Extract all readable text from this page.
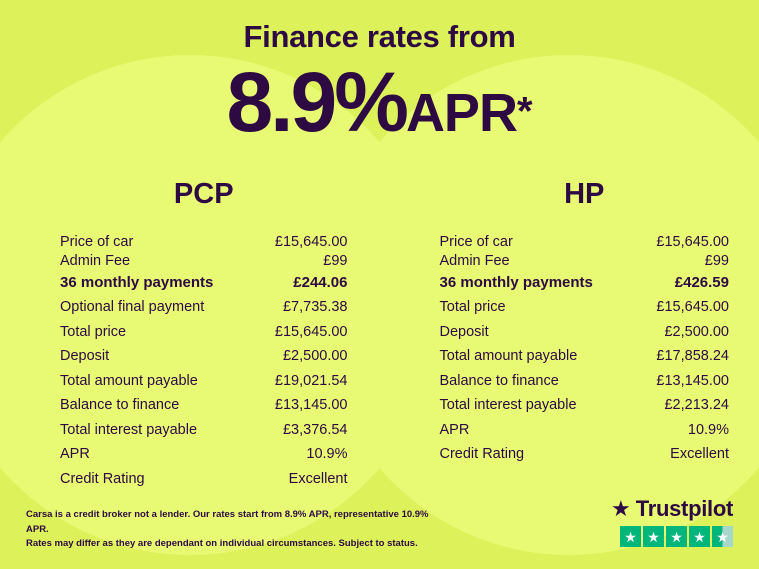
Finance rates from
8.9%APR*
PCP
Price of car	£15,645.00
Admin Fee	£99
36 monthly payments	£244.06
Optional final payment	£7,735.38
Total price	£15,645.00
Deposit	£2,500.00
Total amount payable	£19,021.54
Balance to finance	£13,145.00
Total interest payable	£3,376.54
APR	10.9%
Credit Rating	Excellent
HP
Price of car	£15,645.00
Admin Fee	£99
36 monthly payments	£426.59
Total price	£15,645.00
Deposit	£2,500.00
Total amount payable	£17,858.24
Balance to finance	£13,145.00
Total interest payable	£2,213.24
APR	10.9%
Credit Rating	Excellent
Carsa is a credit broker not a lender. Our rates start from 8.9% APR, representative 10.9% APR.
Rates may differ as they are dependant on individual circumstances. Subject to status.
★ Trustpilot
★ ★ ★ ★ ★
